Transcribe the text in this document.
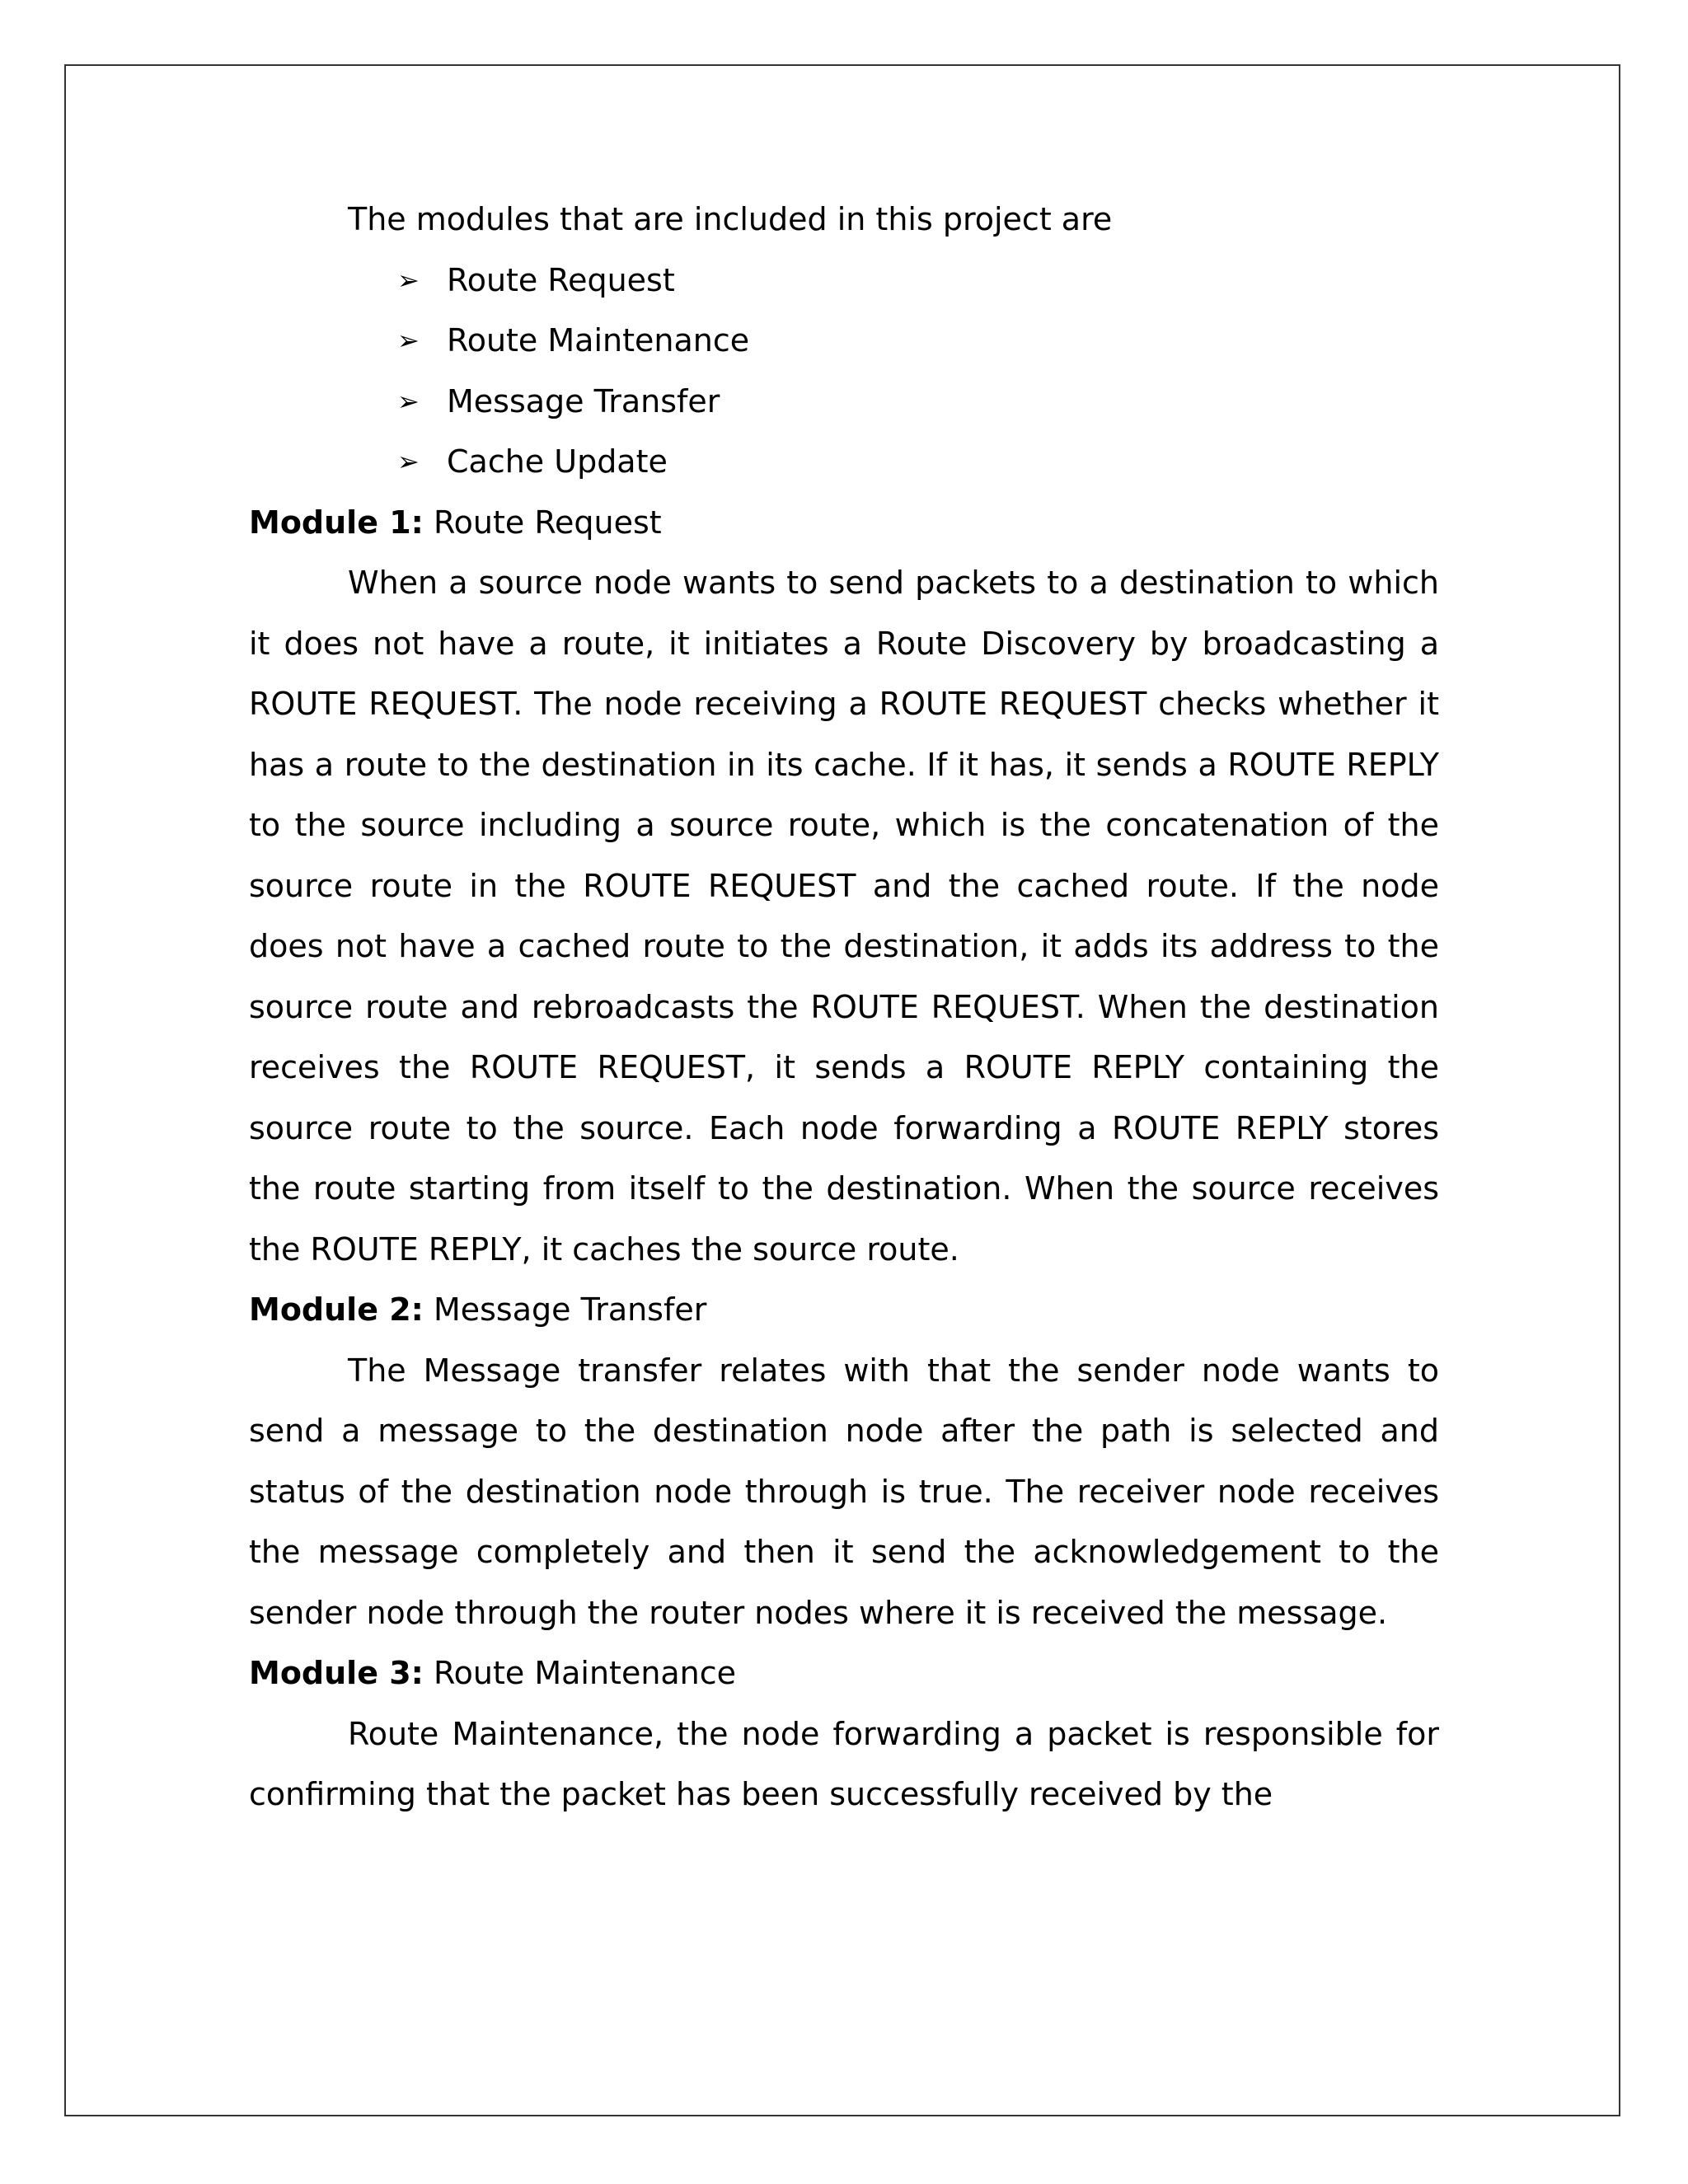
The modules that are included in this project are

➢ Route Request
➢ Route Maintenance
➢ Message Transfer
➢ Cache Update

Module 1: Route Request

When a source node wants to send packets to a destination to which it does not have a route, it initiates a Route Discovery by broadcasting a ROUTE REQUEST. The node receiving a ROUTE REQUEST checks whether it has a route to the destination in its cache. If it has, it sends a ROUTE REPLY to the source including a source route, which is the concatenation of the source route in the ROUTE REQUEST and the cached route. If the node does not have a cached route to the destination, it adds its address to the source route and rebroadcasts the ROUTE REQUEST. When the destination receives the ROUTE REQUEST, it sends a ROUTE REPLY containing the source route to the source. Each node forwarding a ROUTE REPLY stores the route starting from itself to the destination. When the source receives the ROUTE REPLY, it caches the source route.

Module 2: Message Transfer

The Message transfer relates with that the sender node wants to send a message to the destination node after the path is selected and status of the destination node through is true. The receiver node receives the message completely and then it send the acknowledgement to the sender node through the router nodes where it is received the message.

Module 3: Route Maintenance

Route Maintenance, the node forwarding a packet is responsible for confirming that the packet has been successfully received by the
